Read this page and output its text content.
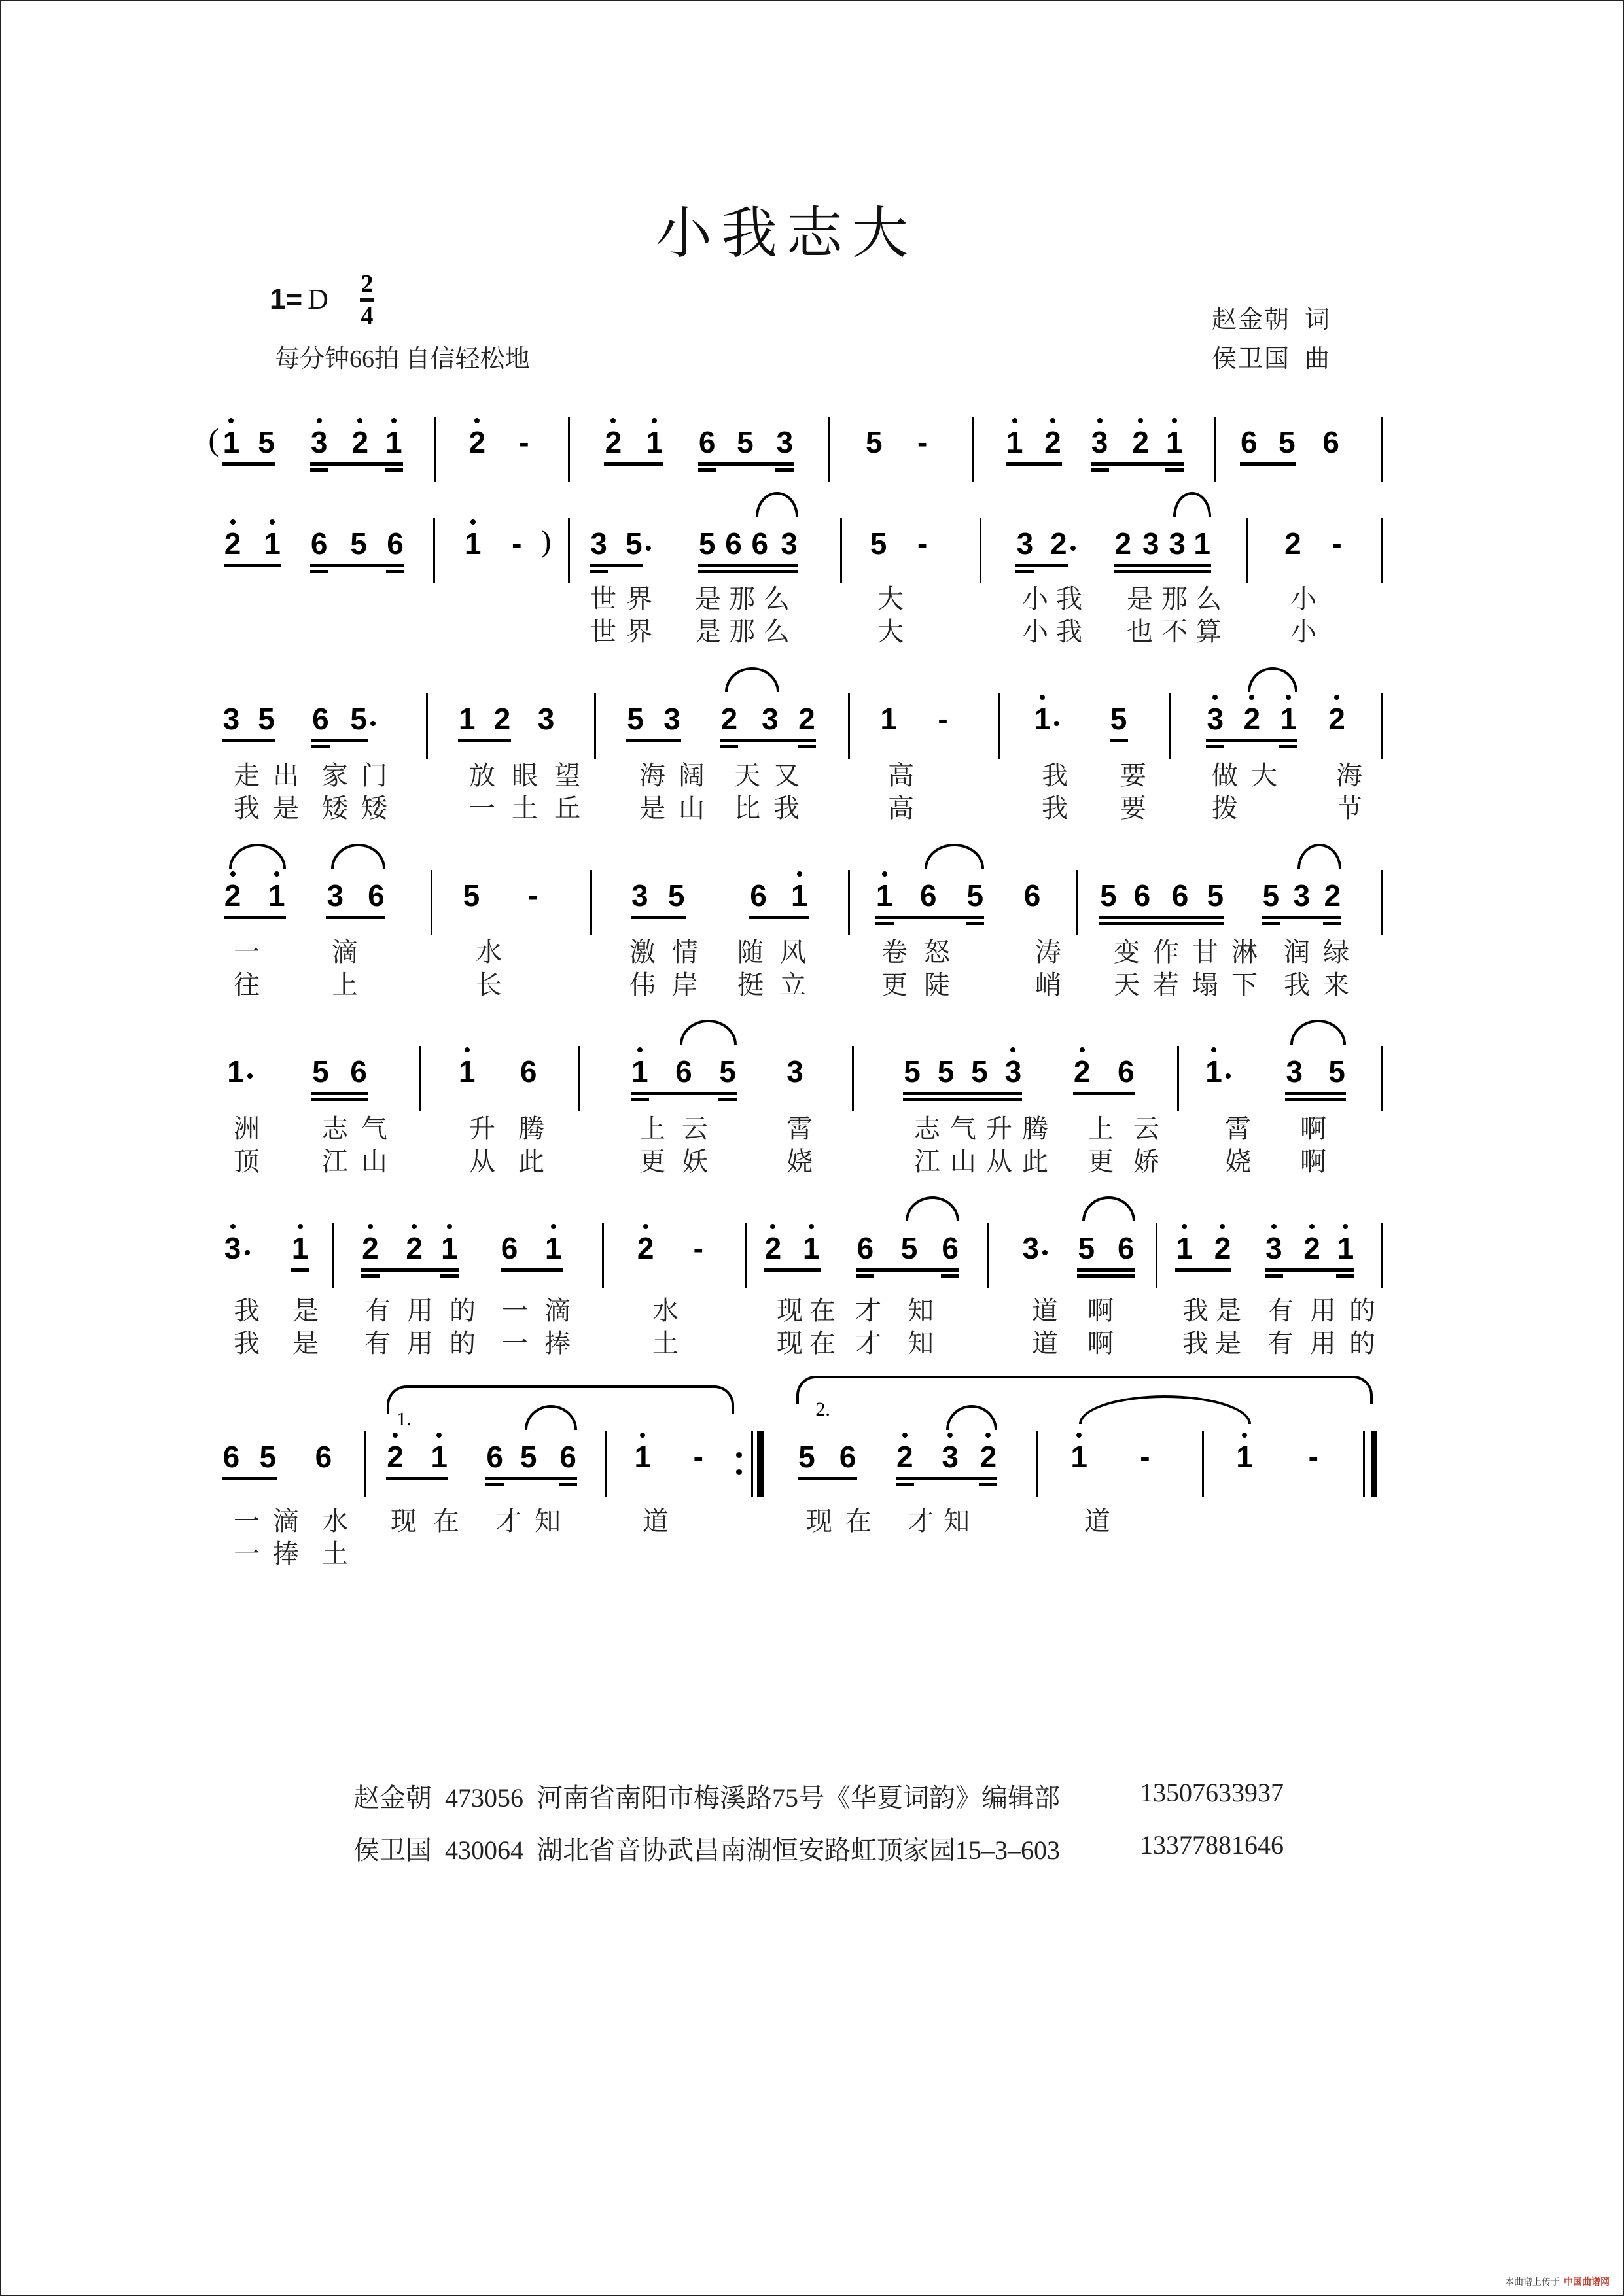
小我志大
1= D 2
4
每分钟66拍 自信轻松地
赵金朝 词
侯卫国 曲
( 1 5 3 2 1 2 -	2 1 6 5 3 5 -	1 2 3 2 1 6 5 6
2 1 6 5 6 1 - ) 3 5 5 6 6 3 5 -	3 2 2 3 3 1 2 -
世 界 是 那 么	大	小 我 是 那 么	小
世 界 是 那 么	大	小 我 也 不 算	小
3 5 6 5	1 2 3 5 3 2 3 2 1 -	1 5	3 2 1 2
走 出 家 门	放 眼 望 海 阔 天 又	高	我 要	做 大 海
我 是 矮 矮	一 土 丘 是 山 比 我	高	我 要	拨	节
2 1 3 6	5 -	3 5 6 1 1 6 5 6 5 6 6 5 5 3 2
一	滴	水	激 情 随 风	卷 怒	涛 变 作 甘 淋 润 绿
往	上	长	伟 岸 挺 立	更 陡	峭 天 若 塌 下 我 来
1 5 6	1 6	1 6 5 3	5 5 5 3 2 6 1 3 5
洲 志 气	升 腾	上 云	霄	志 气 升 腾 上 云	霄 啊
顶 江 山	从 此	更 妖	娆	江 山 从 此 更 娇	娆 啊
3 1 2 2 1 6 1	2 - 2 1 6 5 6 3 5 6 1 2 3 2 1
我 是 有 用 的 一 滴	水	现 在 才 知	道 啊	我 是 有 用 的
我 是 有 用 的 一 捧	土	现 在 才 知	道 啊	我 是 有 用 的
6 5 6
1.
2 1 6 5 6 1 -
2.
5 6 2 3 2 1 -	1 -
一 滴 水 现 在 才 知	道	现 在 才 知	道
一 捧 土

赵金朝 473056 河南省南阳市梅溪路75号《华夏词韵》编辑部	13507633937

侯卫国 430064 湖北省音协武昌南湖恒安路虹顶家园15–3–603	13377881646

本曲谱上传于 中国曲谱网
